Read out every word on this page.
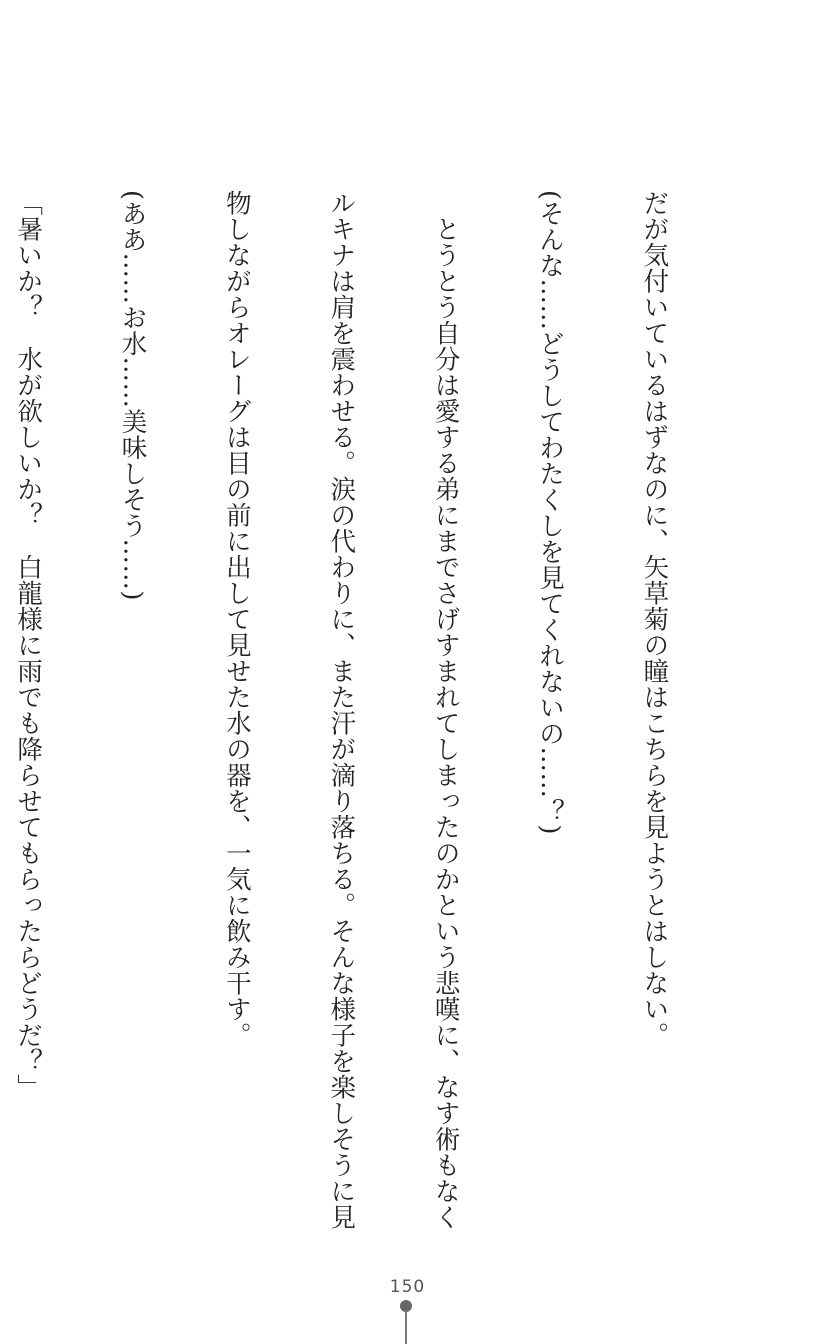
だが気付いているはずなのに、矢草菊の瞳はこちらを見ようとはしない。

(そんな……どうしてわたくしを見てくれないの……？)

　とうとう自分は愛する弟にまでさげすまれてしまったのかという悲嘆に、なす術もなく

ルキナは肩を震わせる。涙の代わりに、また汗が滴り落ちる。そんな様子を楽しそうに見

物しながらオレーグは目の前に出して見せた水の器を、一気に飲み干す。

(ああ……お水……美味しそう……)

「暑いか？　水が欲しいか？　白龍様に雨でも降らせてもらったらどうだ？」

150
